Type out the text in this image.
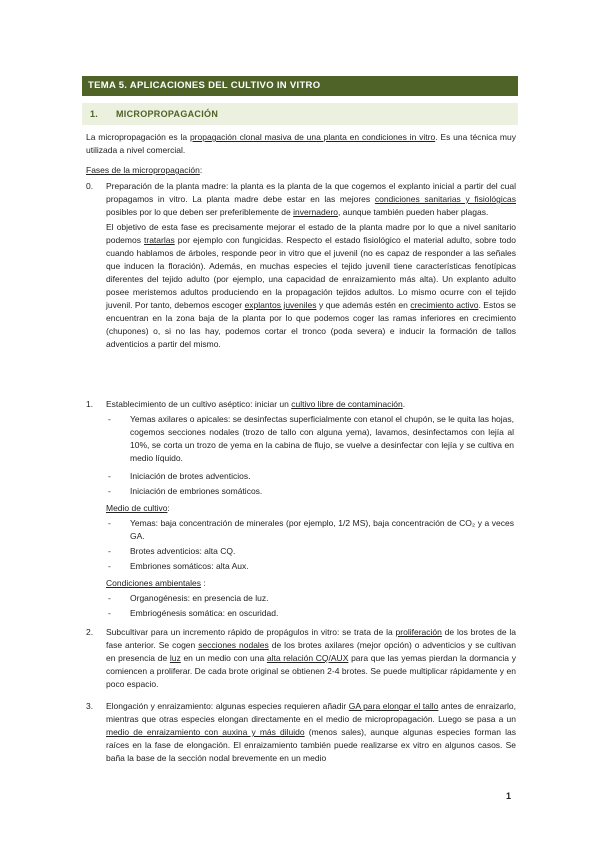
TEMA 5. APLICACIONES DEL CULTIVO IN VITRO
1. MICROPROPAGACIÓN
La micropropagación es la propagación clonal masiva de una planta en condiciones in vitro. Es una técnica muy utilizada a nivel comercial.
Fases de la micropropagación:
0. Preparación de la planta madre: la planta es la planta de la que cogemos el explanto inicial a partir del cual propagamos in vitro. La planta madre debe estar en las mejores condiciones sanitarias y fisiológicas posibles por lo que deben ser preferiblemente de invernadero, aunque también pueden haber plagas.
El objetivo de esta fase es precisamente mejorar el estado de la planta madre por lo que a nivel sanitario podemos tratarlas por ejemplo con fungicidas. Respecto el estado fisiológico el material adulto, sobre todo cuando hablamos de árboles, responde peor in vitro que el juvenil (no es capaz de responder a las señales que inducen la floración). Además, en muchas especies el tejido juvenil tiene características fenotípicas diferentes del tejido adulto (por ejemplo, una capacidad de enraizamiento más alta). Un explanto adulto posee meristemos adultos produciendo en la propagación tejidos adultos. Lo mismo ocurre con el tejido juvenil. Por tanto, debemos escoger explantos juveniles y que además estén en crecimiento activo. Estos se encuentran en la zona baja de la planta por lo que podemos coger las ramas inferiores en crecimiento (chupones) o, si no las hay, podemos cortar el tronco (poda severa) e inducir la formación de tallos adventicios a partir del mismo.
1. Establecimiento de un cultivo aséptico: iniciar un cultivo libre de contaminación.
- Yemas axilares o apicales: se desinfectas superficialmente con etanol el chupón, se le quita las hojas, cogemos secciones nodales (trozo de tallo con alguna yema), lavamos, desinfectamos con lejía al 10%, se corta un trozo de yema en la cabina de flujo, se vuelve a desinfectar con lejía y se cultiva en medio líquido.
- Iniciación de brotes adventicios.
- Iniciación de embriones somáticos.
Medio de cultivo:
- Yemas: baja concentración de minerales (por ejemplo, 1/2 MS), baja concentración de CO₂ y a veces GA.
- Brotes adventicios: alta CQ.
- Embriones somáticos: alta Aux.
Condiciones ambientales :
- Organogénesis: en presencia de luz.
- Embriogénesis somática: en oscuridad.
2. Subcultivar para un incremento rápido de propágulos in vitro: se trata de la proliferación de los brotes de la fase anterior. Se cogen secciones nodales de los brotes axilares (mejor opción) o adventicios y se cultivan en presencia de luz en un medio con una alta relación CQ/AUX para que las yemas pierdan la dormancia y comiencen a proliferar. De cada brote original se obtienen 2-4 brotes. Se puede multiplicar rápidamente y en poco espacio.
3. Elongación y enraizamiento: algunas especies requieren añadir GA para elongar el tallo antes de enraizarlo, mientras que otras especies elongan directamente en el medio de micropropagación. Luego se pasa a un medio de enraizamiento con auxina y más diluido (menos sales), aunque algunas especies forman las raíces en la fase de elongación. El enraizamiento también puede realizarse ex vitro en algunos casos. Se baña la base de la sección nodal brevemente en un medio
1
